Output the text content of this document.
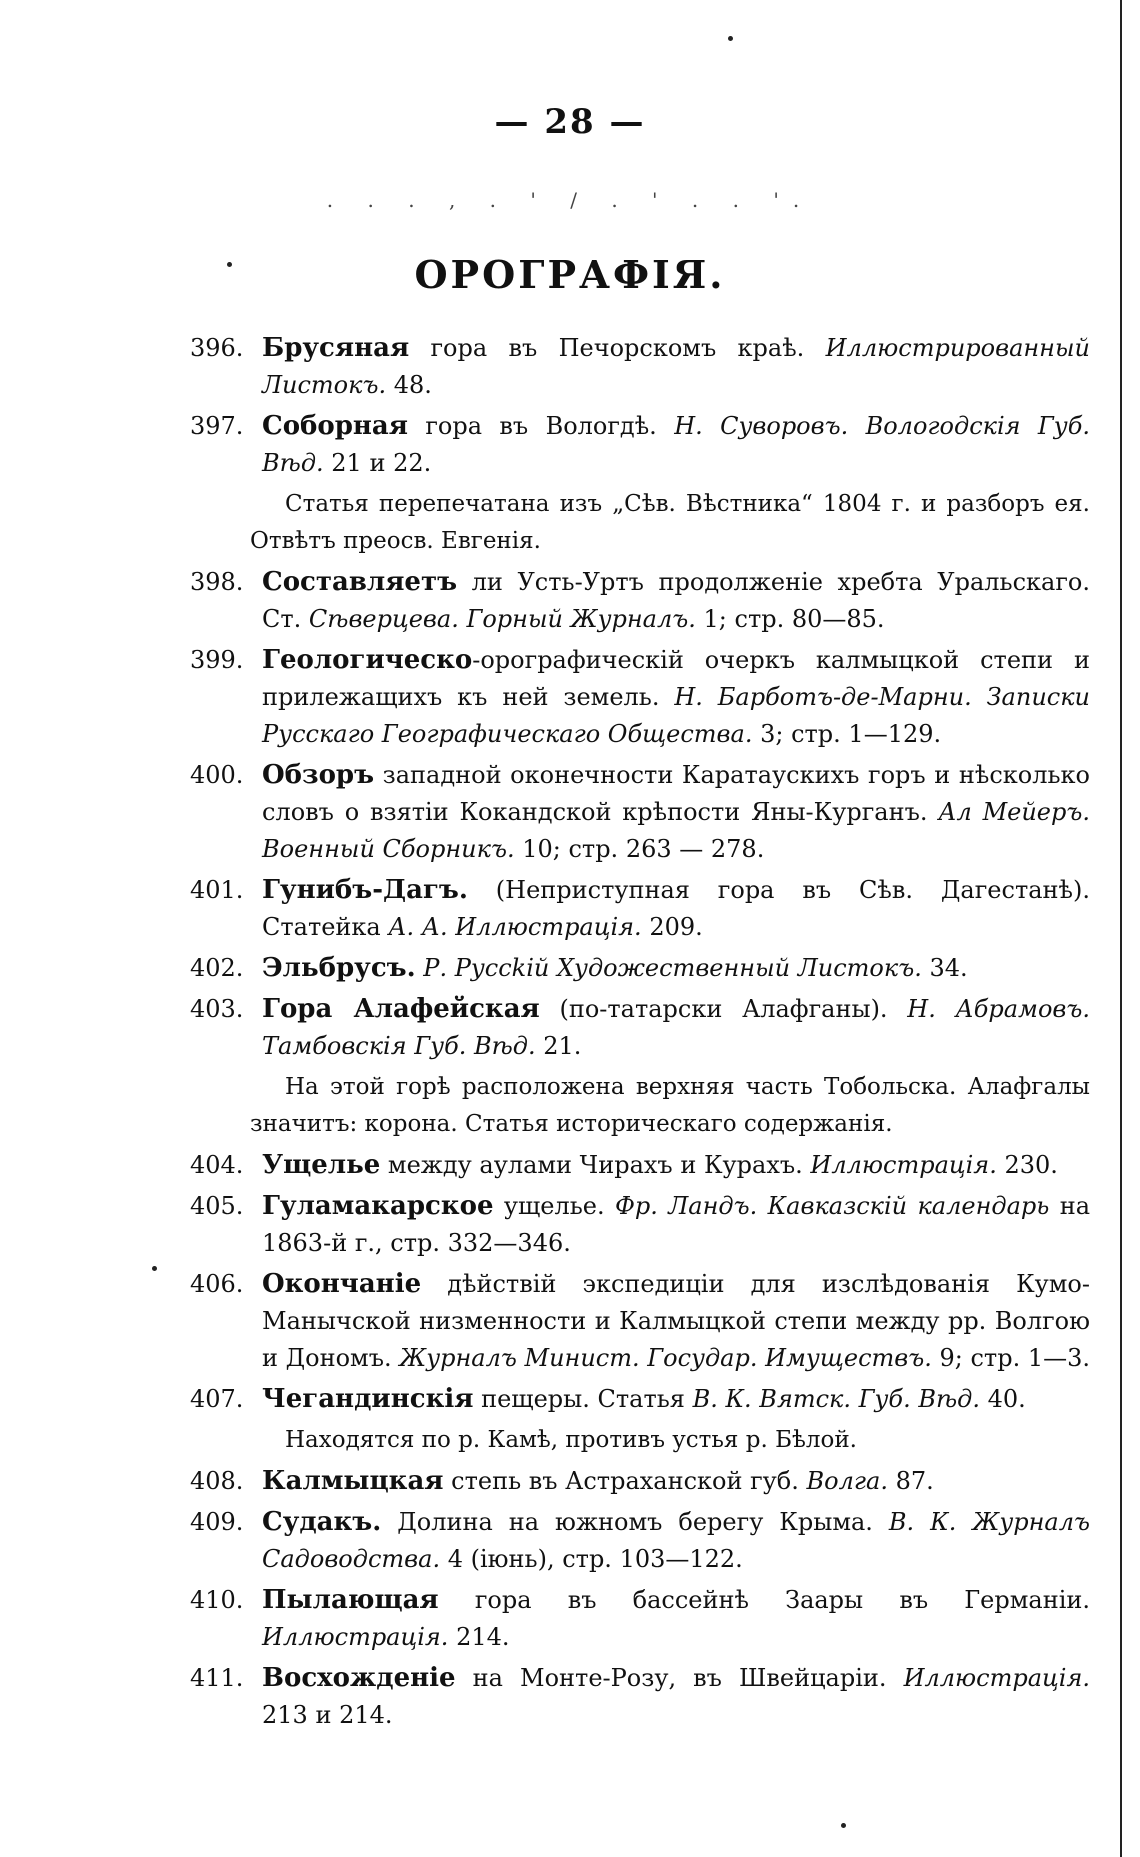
— 28 —
. . . , . ' / . ' . . '.
ОРОГРАФІЯ.
396. Брусяная гора въ Печорскомъ краѣ. Иллюстрированный Листокъ. 48.
397. Соборная гора въ Вологдѣ. Н. Суворовъ. Вологодскія Губ. Вѣд. 21 и 22.
Статья перепечатана изъ „Сѣв. Вѣстника“ 1804 г. и разборъ ея. Отвѣтъ преосв. Евгенія.
398. Составляетъ ли Усть-Уртъ продолженіе хребта Уральскаго. Ст. Сѣверцева. Горный Журналъ. 1; стр. 80—85.
399. Геологическо-орографическій очеркъ калмыцкой степи и прилежащихъ къ ней земель. Н. Барботъ-де-Марни. Записки Русскаго Географическаго Общества. 3; стр. 1—129.
400. Обзоръ западной оконечности Каратаускихъ горъ и нѣсколько словъ о взятіи Кокандской крѣпости Яны-Курганъ. Ал Мейеръ. Военный Сборникъ. 10; стр. 263 — 278.
401. Гунибъ-Дагъ. (Неприступная гора въ Сѣв. Дагестанѣ). Статейка А. А. Иллюстрація. 209.
402. Эльбрусъ. Р. Руссkій Художественный Листокъ. 34.
403. Гора Алафейская (по-татарски Алафганы). Н. Абрамовъ. Тамбовскія Губ. Вѣд. 21.
На этой горѣ расположена верхняя часть Тобольска. Алафгалы значитъ: корона. Статья историческаго содержанія.
404. Ущелье между аулами Чирахъ и Курахъ. Иллюстрація. 230.
405. Гуламакарское ущелье. Фр. Ландъ. Кавказскій календарь на 1863-й г., стр. 332—346.
406. Окончаніе дѣйствій экспедиціи для изслѣдованія Кумо-Манычской низменности и Калмыцкой степи между рр. Волгою и Дономъ. Журналъ Минист. Государ. Имуществъ. 9; стр. 1—3.
407. Чегандинскія пещеры. Статья В. К. Вятск. Губ. Вѣд. 40.
Находятся по р. Камѣ, противъ устья р. Бѣлой.
408. Калмыцкая степь въ Астраханской губ. Волга. 87.
409. Судакъ. Долина на южномъ берегу Крыма. В. К. Журналъ Садоводства. 4 (іюнь), стр. 103—122.
410. Пылающая гора въ бассейнѣ Заары въ Германіи. Иллюстрація. 214.
411. Восхожденіе на Монте-Розу, въ Швейцаріи. Иллюстрація. 213 и 214.
